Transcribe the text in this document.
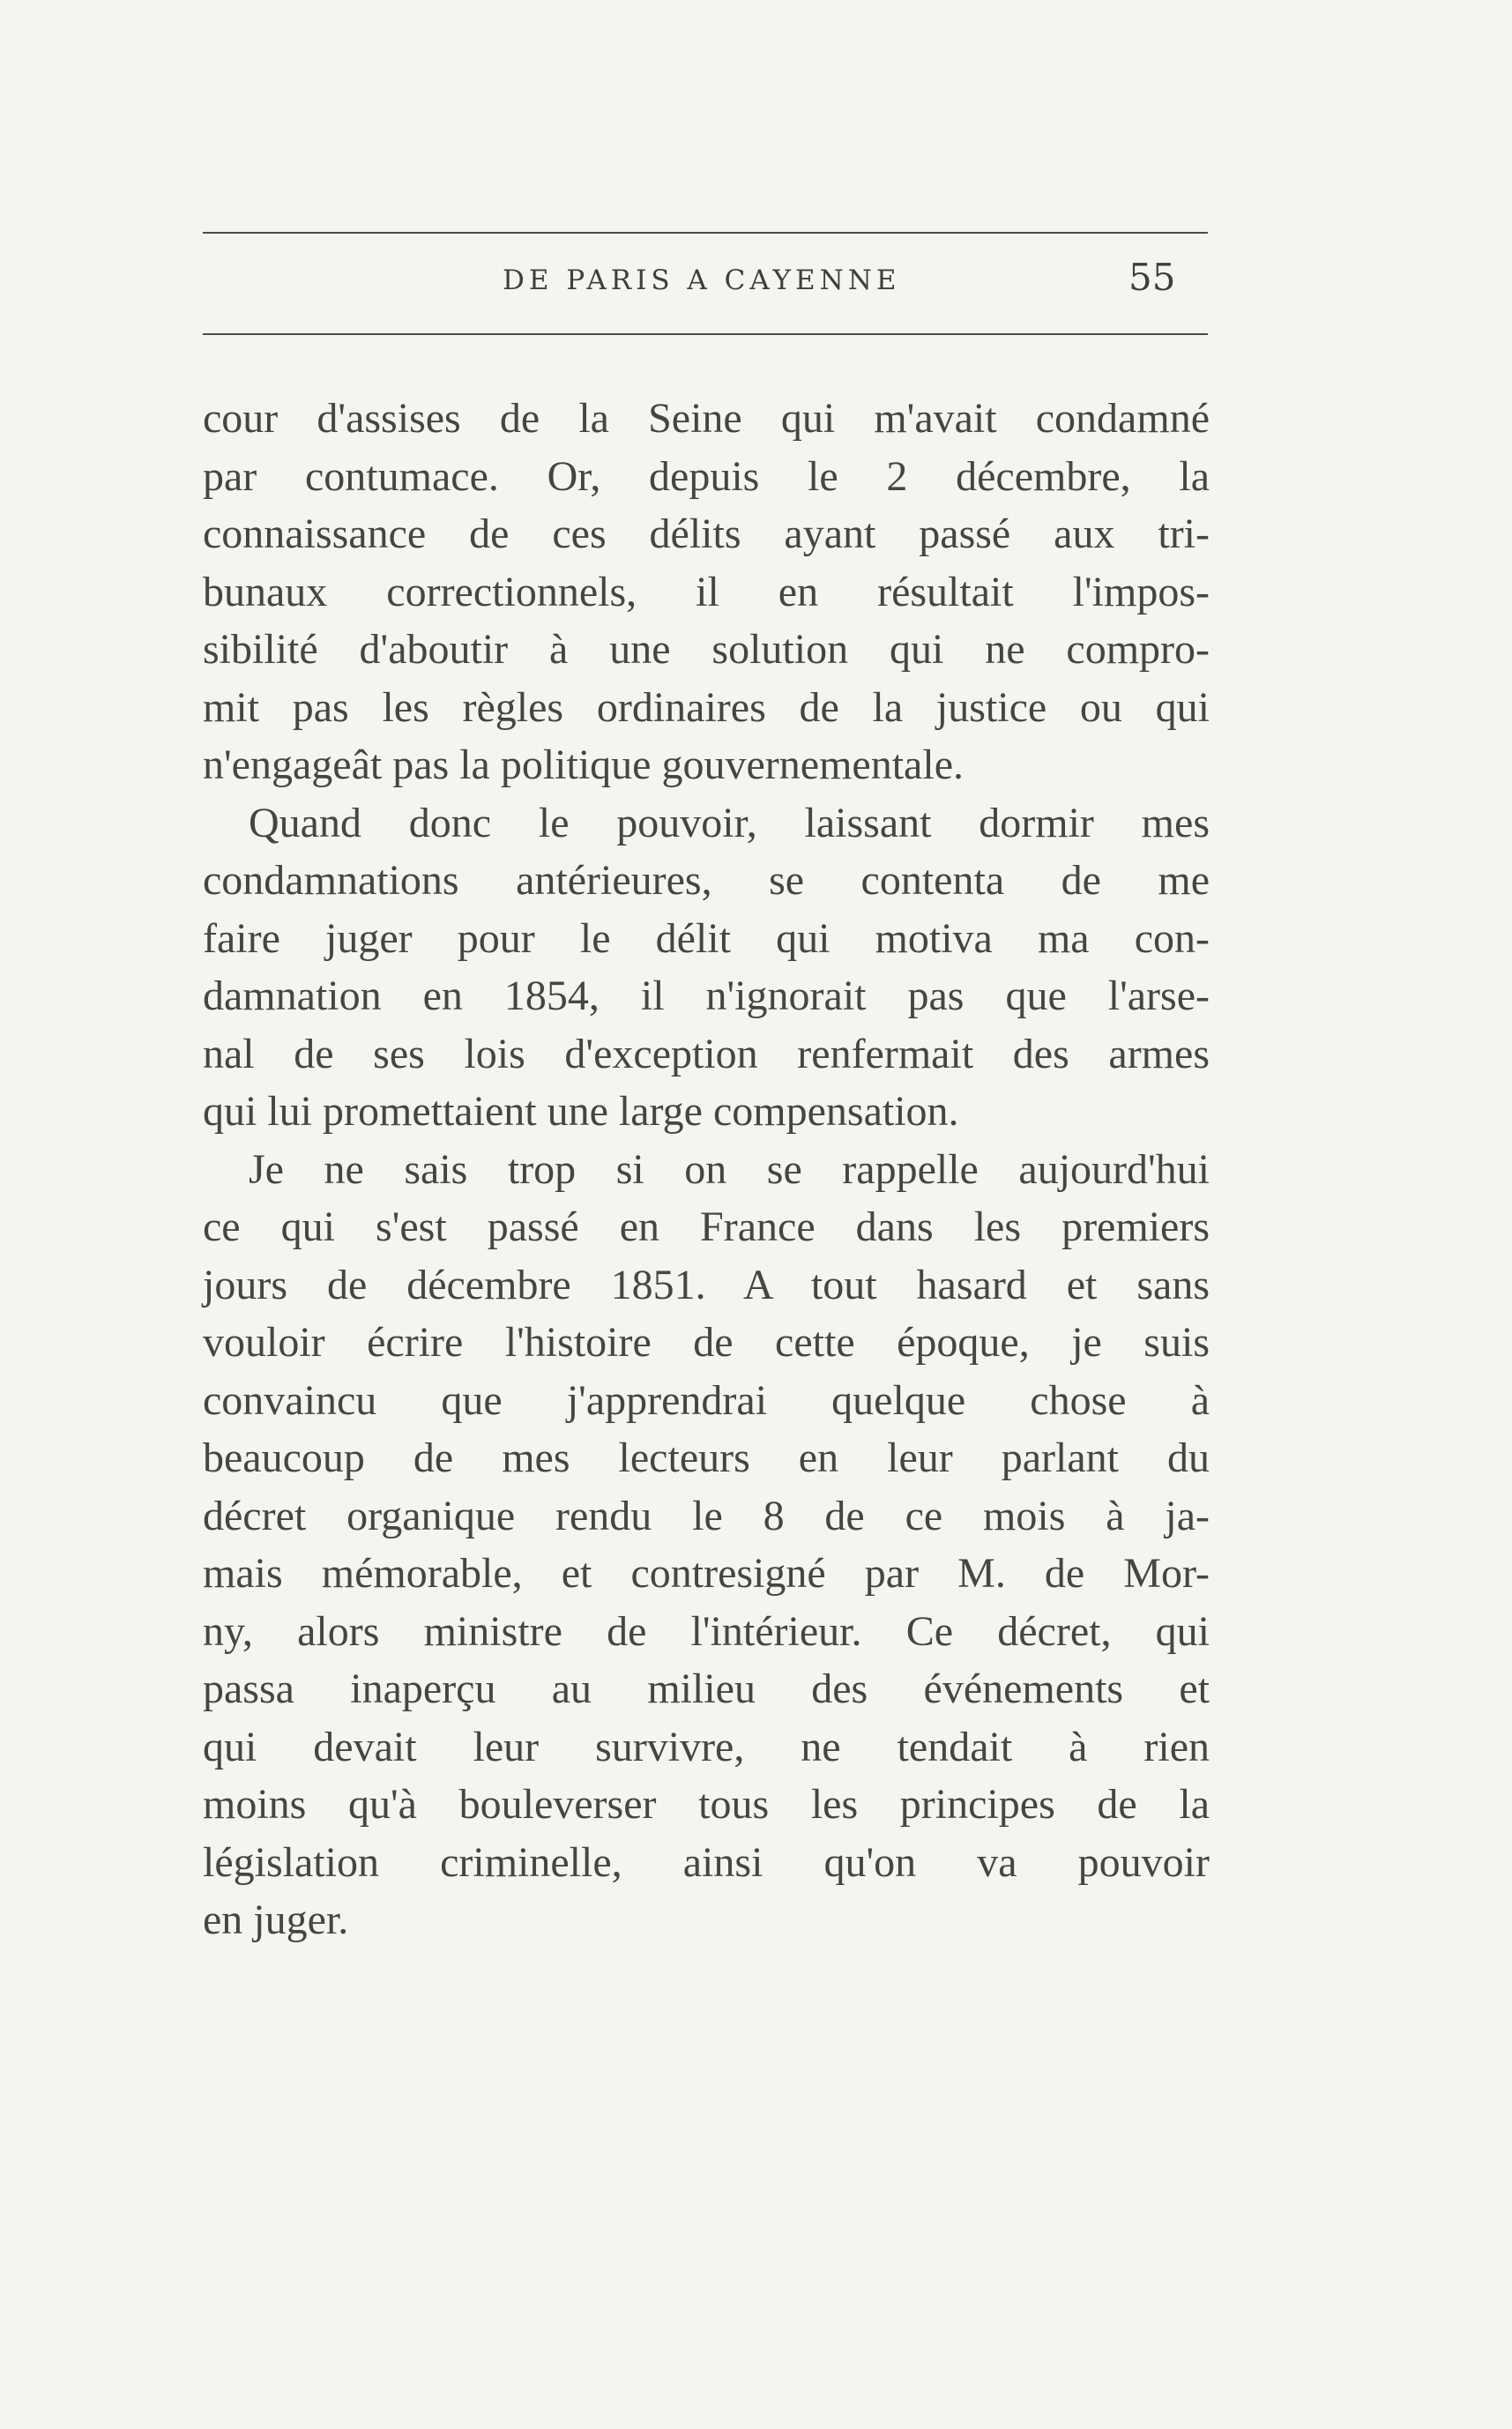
DE PARIS A CAYENNE	55
cour d'assises de la Seine qui m'avait condamné
par contumace. Or, depuis le 2 décembre, la
connaissance de ces délits ayant passé aux tri-
bunaux correctionnels, il en résultait l'impos-
sibilité d'aboutir à une solution qui ne compro-
mit pas les règles ordinaires de la justice ou qui
n'engageât pas la politique gouvernementale.
Quand donc le pouvoir, laissant dormir mes
condamnations antérieures, se contenta de me
faire juger pour le délit qui motiva ma con-
damnation en 1854, il n'ignorait pas que l'arse-
nal de ses lois d'exception renfermait des armes
qui lui promettaient une large compensation.
Je ne sais trop si on se rappelle aujourd'hui
ce qui s'est passé en France dans les premiers
jours de décembre 1851. A tout hasard et sans
vouloir écrire l'histoire de cette époque, je suis
convaincu que j'apprendrai quelque chose à
beaucoup de mes lecteurs en leur parlant du
décret organique rendu le 8 de ce mois à ja-
mais mémorable, et contresigné par M. de Mor-
ny, alors ministre de l'intérieur. Ce décret, qui
passa inaperçu au milieu des événements et
qui devait leur survivre, ne tendait à rien
moins qu'à bouleverser tous les principes de la
législation criminelle, ainsi qu'on va pouvoir
en juger.
